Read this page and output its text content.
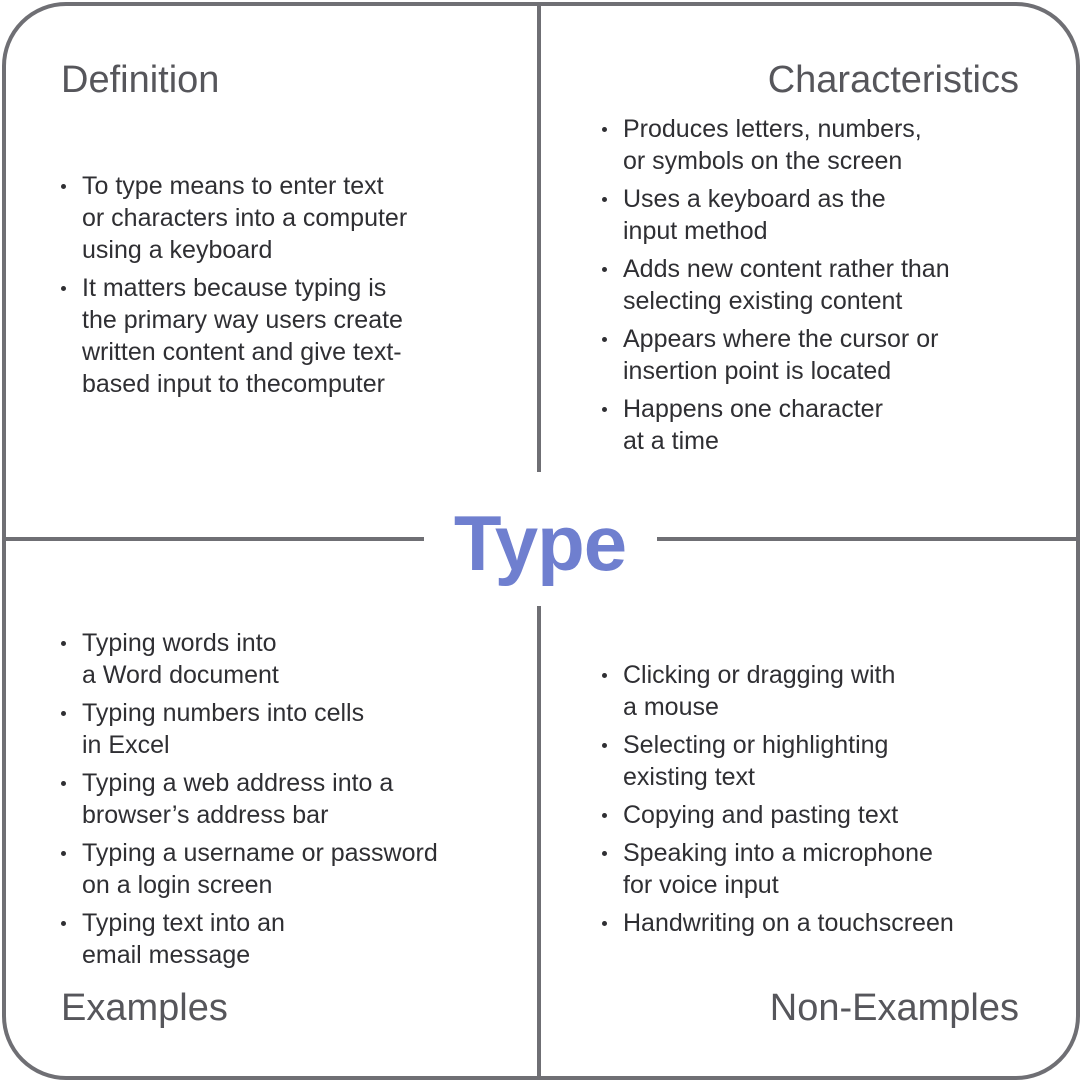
Type
Definition	Characteristics
Examples	Non-Examples
To type means to enter text
or characters into a computer
using a keyboard
It matters because typing is
the primary way users create
written content and give text-
based input to thecomputer
Produces letters, numbers,
or symbols on the screen
Uses a keyboard as the
input method
Adds new content rather than
selecting existing content
Appears where the cursor or
insertion point is located
Happens one character
at a time
Typing words into
a Word document
Typing numbers into cells
in Excel
Typing a web address into a
browser’s address bar
Typing a username or password
on a login screen
Typing text into an
email message
Clicking or dragging with
a mouse
Selecting or highlighting
existing text
Copying and pasting text
Speaking into a microphone
for voice input
Handwriting on a touchscreen
